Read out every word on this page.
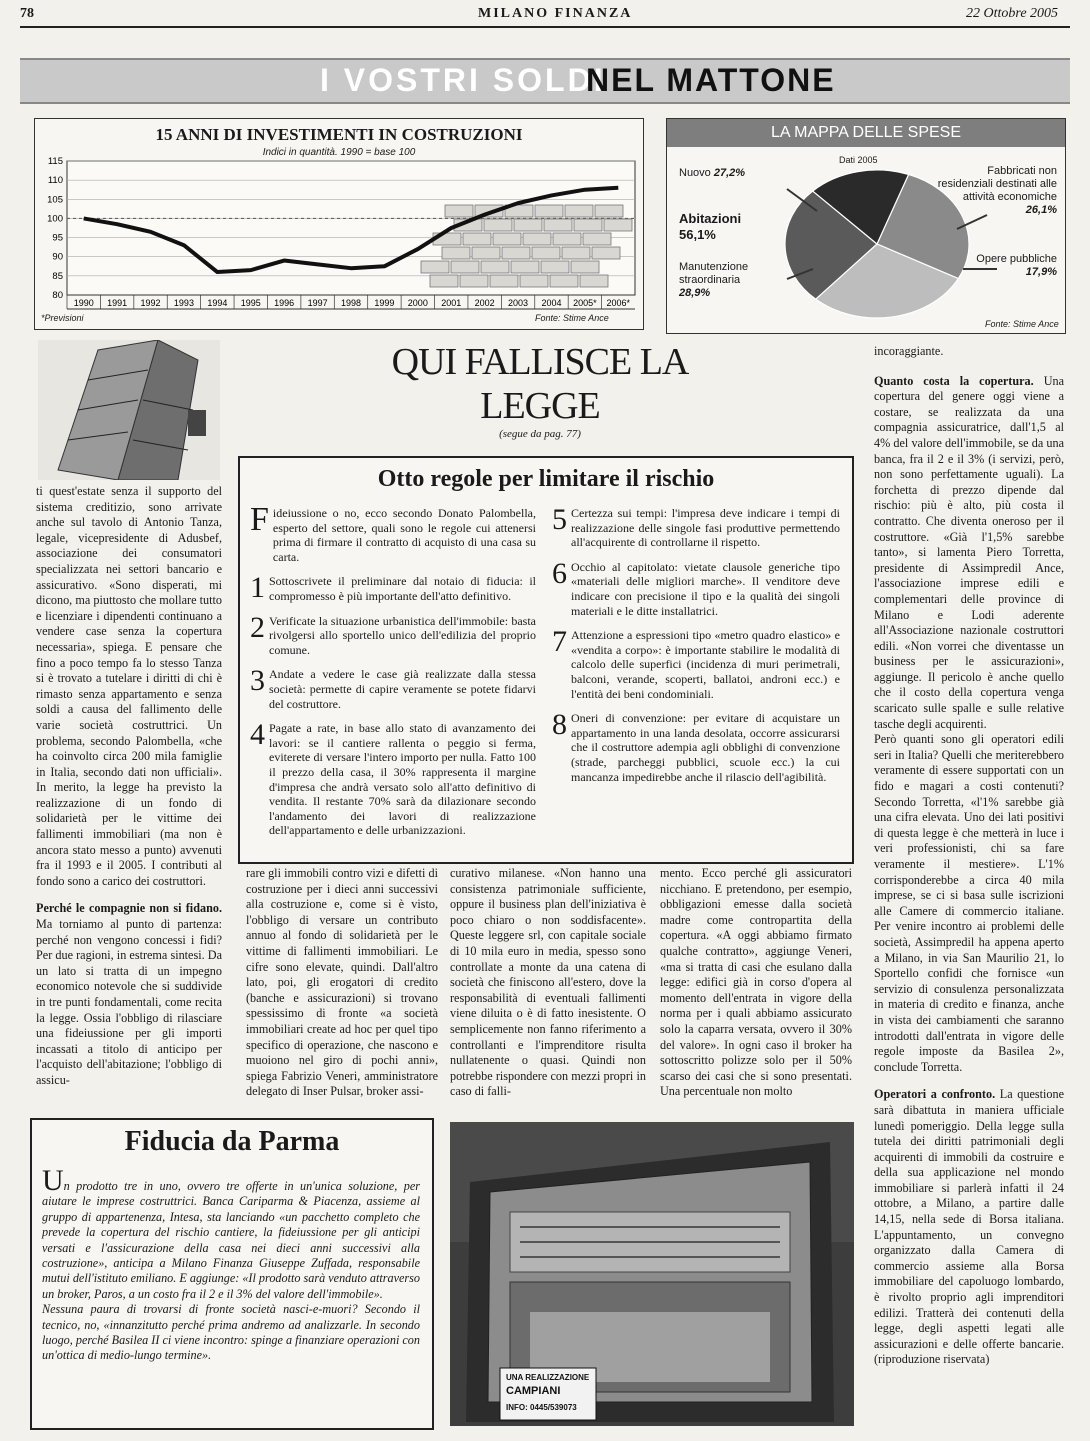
78	MILANO FINANZA	22 Ottobre 2005
I VOSTRI SOLDI
NEL MATTONE
15 ANNI DI INVESTIMENTI IN COSTRUZIONI
Indici in quantità. 1990 = base 100
115
110
105
100
95
90
85
80
1990 1991 1992 1993 1994 1995 1996 1997 1998 1999 2000 2001 2002 2003 2004 2005* 2006*
*Previsioni	Fonte: Stime Ance
LA MAPPA DELLE SPESE
Dati 2005
Nuovo 27,2%
Abitazioni
56,1%
Manutenzione straordinaria
28,9%
Fabbricati non residenziali destinati alle attività economiche
26,1%
Opere pubbliche
17,9%
Fonte: Stime Ance
QUI FALLISCE LA LEGGE
(segue da pag. 77)

ti quest'estate senza il supporto del sistema creditizio, sono arrivate anche sul tavolo di Antonio Tanza, legale, vicepresidente di Adusbef, associazione dei consumatori specializzata nei settori bancario e assicurativo. «Sono disperati, mi dicono, ma piuttosto che mollare tutto e licenziare i dipendenti continuano a vendere case senza la copertura necessaria», spiega. E pensare che fino a poco tempo fa lo stesso Tanza si è trovato a tutelare i diritti di chi è rimasto senza appartamento e senza soldi a causa del fallimento delle varie società costruttrici. Un problema, secondo Palombella, «che ha coinvolto circa 200 mila famiglie in Italia, secondo dati non ufficiali». In merito, la legge ha previsto la realizzazione di un fondo di solidarietà per le vittime dei fallimenti immobiliari (ma non è ancora stato messo a punto) avvenuti fra il 1993 e il 2005. I contributi al fondo sono a carico dei costruttori.

Perché le compagnie non si fidano. Ma torniamo al punto di partenza: perché non vengono concessi i fidi? Per due ragioni, in estrema sintesi. Da un lato si tratta di un impegno economico notevole che si suddivide in tre punti fondamentali, come recita la legge. Ossia l'obbligo di rilasciare una fideiussione per gli importi incassati a titolo di anticipo per l'acquisto dell'abitazione; l'obbligo di assicu-

Otto regole per limitare il rischio
F ideiussione o no, ecco secondo Donato Palombella, esperto del settore, quali sono le regole cui attenersi prima di firmare il contratto di acquisto di una casa su carta.
1 Sottoscrivete il preliminare dal notaio di fiducia: il compromesso è più importante dell'atto definitivo.
2 Verificate la situazione urbanistica dell'immobile: basta rivolgersi allo sportello unico dell'edilizia del proprio comune.
3 Andate a vedere le case già realizzate dalla stessa società: permette di capire veramente se potete fidarvi del costruttore.
4 Pagate a rate, in base allo stato di avanzamento dei lavori: se il cantiere rallenta o peggio si ferma, eviterete di versare l'intero importo per nulla. Fatto 100 il prezzo della casa, il 30% rappresenta il margine d'impresa che andrà versato solo all'atto definitivo di vendita. Il restante 70% sarà da dilazionare secondo l'andamento dei lavori di realizzazione dell'appartamento e delle urbanizzazioni.
5 Certezza sui tempi: l'impresa deve indicare i tempi di realizzazione delle singole fasi produttive permettendo all'acquirente di controllarne il rispetto.
6 Occhio al capitolato: vietate clausole generiche tipo «materiali delle migliori marche». Il venditore deve indicare con precisione il tipo e la qualità dei singoli materiali e le ditte installatrici.
7 Attenzione a espressioni tipo «metro quadro elastico» e «vendita a corpo»: è importante stabilire le modalità di calcolo delle superfici (incidenza di muri perimetrali, balconi, verande, scoperti, ballatoi, androni ecc.) e l'entità dei beni condominiali.
8 Oneri di convenzione: per evitare di acquistare un appartamento in una landa desolata, occorre assicurarsi che il costruttore adempia agli obblighi di convenzione (strade, parcheggi pubblici, scuole ecc.) la cui mancanza impedirebbe anche il rilascio dell'agibilità.
rare gli immobili contro vizi e difetti di costruzione per i dieci anni successivi alla costruzione e, come si è visto, l'obbligo di versare un contributo annuo al fondo di solidarietà per le vittime di fallimenti immobiliari. Le cifre sono elevate, quindi. Dall'altro lato, poi, gli erogatori di credito (banche e assicurazioni) si trovano spessissimo di fronte «a società immobiliari create ad hoc per quel tipo specifico di operazione, che nascono e muoiono nel giro di pochi anni», spiega Fabrizio Veneri, amministratore delegato di Inser Pulsar, broker assi-
curativo milanese. «Non hanno una consistenza patrimoniale sufficiente, oppure il business plan dell'iniziativa è poco chiaro o non soddisfacente». Queste leggere srl, con capitale sociale di 10 mila euro in media, spesso sono controllate a monte da una catena di società che finiscono all'estero, dove la responsabilità di eventuali fallimenti viene diluita o è di fatto inesistente. O semplicemente non fanno riferimento a controllanti e l'imprenditore risulta nullatenente o quasi. Quindi non potrebbe rispondere con mezzi propri in caso di falli-
mento. Ecco perché gli assicuratori nicchiano. E pretendono, per esempio, obbligazioni emesse dalla società madre come contropartita della copertura. «A oggi abbiamo firmato qualche contratto», aggiunge Veneri, «ma si tratta di casi che esulano dalla legge: edifici già in corso d'opera al momento dell'entrata in vigore della norma per i quali abbiamo assicurato solo la caparra versata, ovvero il 30% del valore». In ogni caso il broker ha sottoscritto polizze solo per il 50% scarso dei casi che si sono presentati. Una percentuale non molto

incoraggiante.

Quanto costa la copertura. Una copertura del genere oggi viene a costare, se realizzata da una compagnia assicuratrice, dall'1,5 al 4% del valore dell'immobile, se da una banca, fra il 2 e il 3% (i servizi, però, non sono perfettamente uguali). La forchetta di prezzo dipende dal rischio: più è alto, più costa il contratto. Che diventa oneroso per il costruttore. «Già l'1,5% sarebbe tanto», si lamenta Piero Torretta, presidente di Assimpredil Ance, l'associazione imprese edili e complementari delle province di Milano e Lodi aderente all'Associazione nazionale costruttori edili. «Non vorrei che diventasse un business per le assicurazioni», aggiunge. Il pericolo è anche quello che il costo della copertura venga scaricato sulle spalle e sulle relative tasche degli acquirenti.

Però quanti sono gli operatori edili seri in Italia? Quelli che meriterebbero veramente di essere supportati con un fido e magari a costi contenuti? Secondo Torretta, «l'1% sarebbe già una cifra elevata. Uno dei lati positivi di questa legge è che metterà in luce i veri professionisti, chi sa fare veramente il mestiere». L'1% corrisponderebbe a circa 40 mila imprese, se ci si basa sulle iscrizioni alle Camere di commercio italiane. Per venire incontro ai problemi delle società, Assimpredil ha appena aperto a Milano, in via San Maurilio 21, lo Sportello confidi che fornisce «un servizio di consulenza personalizzata in materia di credito e finanza, anche in vista dei cambiamenti che saranno introdotti dall'entrata in vigore delle regole imposte da Basilea 2», conclude Torretta.

Operatori a confronto. La questione sarà dibattuta in maniera ufficiale lunedì pomeriggio. Della legge sulla tutela dei diritti patrimoniali degli acquirenti di immobili da costruire e della sua applicazione nel mondo immobiliare si parlerà infatti il 24 ottobre, a Milano, a partire dalle 14,15, nella sede di Borsa italiana. L'appuntamento, un convegno organizzato dalla Camera di commercio assieme alla Borsa immobiliare del capoluogo lombardo, è rivolto proprio agli imprenditori edilizi. Tratterà dei contenuti della legge, degli aspetti legati alle assicurazioni e delle offerte bancarie. (riproduzione riservata)

Fiducia da Parma

Un prodotto tre in uno, ovvero tre offerte in un'unica soluzione, per aiutare le imprese costruttrici. Banca Cariparma & Piacenza, assieme al gruppo di appartenenza, Intesa, sta lanciando «un pacchetto completo che prevede la copertura del rischio cantiere, la fideiussione per gli anticipi versati e l'assicurazione della casa nei dieci anni successivi alla costruzione», anticipa a Milano Finanza Giuseppe Zuffada, responsabile mutui dell'istituto emiliano. E aggiunge: «Il prodotto sarà venduto attraverso un broker, Paros, a un costo fra il 2 e il 3% del valore dell'immobile».

Nessuna paura di trovarsi di fronte società nasci-e-muori? Secondo il tecnico, no, «innanzitutto perché prima andremo ad analizzarle. In secondo luogo, perché Basilea II ci viene incontro: spinge a finanziare operazioni con un'ottica di medio-lungo termine».

UNA REALIZZAZIONE
CAMPIANI
INFO: 0445/539073
